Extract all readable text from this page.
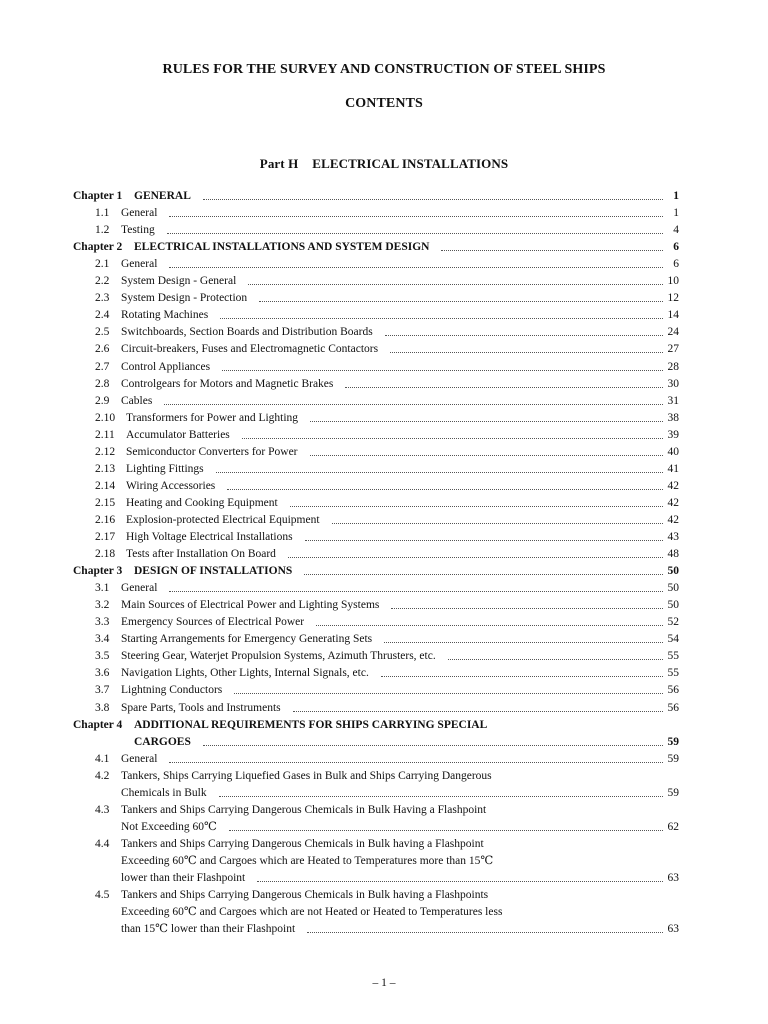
RULES FOR THE SURVEY AND CONSTRUCTION OF STEEL SHIPS
CONTENTS
Part H ELECTRICAL INSTALLATIONS
Chapter 1 GENERAL	1
1.1 General	1
1.2 Testing	4
Chapter 2 ELECTRICAL INSTALLATIONS AND SYSTEM DESIGN	6
2.1 General	6
2.2 System Design - General	10
2.3 System Design - Protection	12
2.4 Rotating Machines	14
2.5 Switchboards, Section Boards and Distribution Boards	24
2.6 Circuit-breakers, Fuses and Electromagnetic Contactors	27
2.7 Control Appliances	28
2.8 Controlgears for Motors and Magnetic Brakes	30
2.9 Cables	31
2.10 Transformers for Power and Lighting	38
2.11 Accumulator Batteries	39
2.12 Semiconductor Converters for Power	40
2.13 Lighting Fittings	41
2.14 Wiring Accessories	42
2.15 Heating and Cooking Equipment	42
2.16 Explosion-protected Electrical Equipment	42
2.17 High Voltage Electrical Installations	43
2.18 Tests after Installation On Board	48
Chapter 3 DESIGN OF INSTALLATIONS	50
3.1 General	50
3.2 Main Sources of Electrical Power and Lighting Systems	50
3.3 Emergency Sources of Electrical Power	52
3.4 Starting Arrangements for Emergency Generating Sets	54
3.5 Steering Gear, Waterjet Propulsion Systems, Azimuth Thrusters, etc.	55
3.6 Navigation Lights, Other Lights, Internal Signals, etc.	55
3.7 Lightning Conductors	56
3.8 Spare Parts, Tools and Instruments	56
Chapter 4 ADDITIONAL REQUIREMENTS FOR SHIPS CARRYING SPECIAL
CARGOES	59
4.1 General	59
4.2 Tankers, Ships Carrying Liquefied Gases in Bulk and Ships Carrying Dangerous
Chemicals in Bulk	59
4.3 Tankers and Ships Carrying Dangerous Chemicals in Bulk Having a Flashpoint
Not Exceeding 60℃	62
4.4 Tankers and Ships Carrying Dangerous Chemicals in Bulk having a Flashpoint
Exceeding 60℃ and Cargoes which are Heated to Temperatures more than 15℃
lower than their Flashpoint	63
4.5 Tankers and Ships Carrying Dangerous Chemicals in Bulk having a Flashpoints
Exceeding 60℃ and Cargoes which are not Heated or Heated to Temperatures less
than 15℃ lower than their Flashpoint	63
– 1 –
